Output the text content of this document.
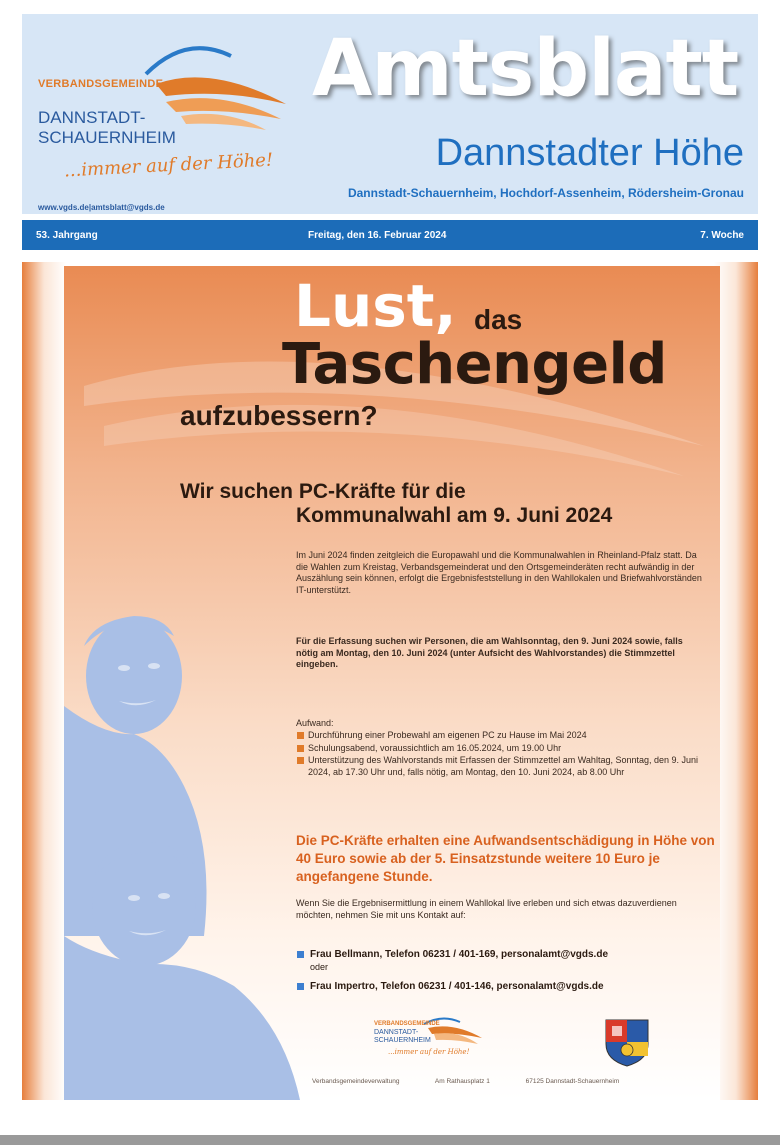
VERBANDSGEMEINDE
DANNSTADT-
SCHAUERNHEIM
...immer auf der Höhe!
www.vgds.de|amtsblatt@vgds.de
Amtsblatt
Dannstadter Höhe
Dannstadt-Schauernheim, Hochdorf-Assenheim, Rödersheim-Gronau
53. Jahrgang	Freitag, den 16. Februar 2024	7. Woche
Lust, das
Taschengeld
aufzubessern?
Wir suchen PC-Kräfte für die
Kommunalwahl am 9. Juni 2024

Im Juni 2024 finden zeitgleich die Europawahl und die Kommunalwahlen in Rheinland-Pfalz statt. Da die Wahlen zum Kreistag, Verbandsgemeinderat und den Ortsgemeinderäten recht aufwändig in der Auszählung sein können, erfolgt die Ergebnisfeststellung in den Wahllokalen und Briefwahlvorständen IT-unterstützt.

Für die Erfassung suchen wir Personen, die am Wahlsonntag, den 9. Juni 2024 sowie, falls nötig am Montag, den 10. Juni 2024 (unter Aufsicht des Wahlvorstandes) die Stimmzettel eingeben.

Aufwand:
Durchführung einer Probewahl am eigenen PC zu Hause im Mai 2024
Schulungsabend, voraussichtlich am 16.05.2024, um 19.00 Uhr
Unterstützung des Wahlvorstands mit Erfassen der Stimmzettel am Wahltag, Sonntag, den 9. Juni 2024, ab 17.30 Uhr und, falls nötig, am Montag, den 10. Juni 2024, ab 8.00 Uhr
Die PC-Kräfte erhalten eine Aufwandsentschädigung in Höhe von 40 Euro sowie ab der 5. Einsatzstunde weitere 10 Euro je angefangene Stunde.
Wenn Sie die Ergebnisermittlung in einem Wahllokal live erleben und sich etwas dazuverdienen möchten, nehmen Sie mit uns Kontakt auf:
Frau Bellmann, Telefon 06231 / 401-169, personalamt@vgds.de
oder
Frau Impertro, Telefon 06231 / 401-146, personalamt@vgds.de
VERBANDSGEMEINDE
DANNSTADT-
SCHAUERNHEIM
...immer auf der Höhe!
Verbandsgemeindeverwaltung	Am Rathausplatz 1	67125 Dannstadt-Schauernheim
